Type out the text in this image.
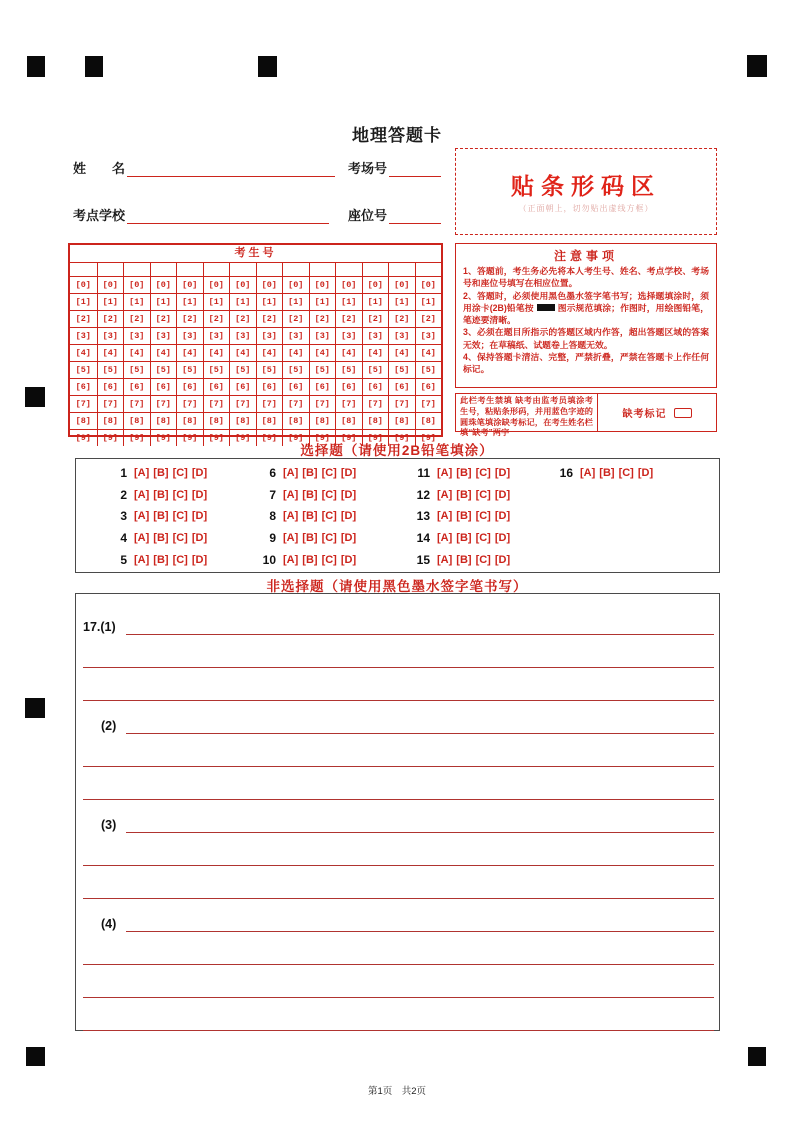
地理答题卡
姓　　名	考场号
考点学校	座位号
贴条形码区
（正面朝上，切勿贴出虚线方框）
考生号
[0]	[0]	[0]	[0]	[0]	[0]	[0]	[0]	[0]	[0]	[0]	[0]	[0]	[0]
[1]	[1]	[1]	[1]	[1]	[1]	[1]	[1]	[1]	[1]	[1]	[1]	[1]	[1]
[2]	[2]	[2]	[2]	[2]	[2]	[2]	[2]	[2]	[2]	[2]	[2]	[2]	[2]
[3]	[3]	[3]	[3]	[3]	[3]	[3]	[3]	[3]	[3]	[3]	[3]	[3]	[3]
[4]	[4]	[4]	[4]	[4]	[4]	[4]	[4]	[4]	[4]	[4]	[4]	[4]	[4]
[5]	[5]	[5]	[5]	[5]	[5]	[5]	[5]	[5]	[5]	[5]	[5]	[5]	[5]
[6]	[6]	[6]	[6]	[6]	[6]	[6]	[6]	[6]	[6]	[6]	[6]	[6]	[6]
[7]	[7]	[7]	[7]	[7]	[7]	[7]	[7]	[7]	[7]	[7]	[7]	[7]	[7]
[8]	[8]	[8]	[8]	[8]	[8]	[8]	[8]	[8]	[8]	[8]	[8]	[8]	[8]
[9]	[9]	[9]	[9]	[9]	[9]	[9]	[9]	[9]	[9]	[9]	[9]	[9]	[9]
注意事项
1、答题前，考生务必先将本人考生号、姓名、考点学校、考场号和座位号填写在相应位置。
2、答题时，必须使用黑色墨水签字笔书写；选择题填涂时，须用涂卡(2B)铅笔按	图示规范填涂；作图时，用绘图铅笔，笔迹要清晰。
3、必须在题目所指示的答题区域内作答，超出答题区域的答案无效；在草稿纸、试题卷上答题无效。
4、保持答题卡清洁、完整，严禁折叠，严禁在答题卡上作任何标记。
此栏考生禁填 缺考由监考员填涂考生号，粘贴条形码，并用蓝色字迹的圆珠笔填涂缺考标记，在考生姓名栏填“缺考”两字
缺考标记
选择题（请使用2B铅笔填涂）
1 [A] [B] [C] [D]
2 [A] [B] [C] [D]
3 [A] [B] [C] [D]
4 [A] [B] [C] [D]
5 [A] [B] [C] [D]
6 [A] [B] [C] [D]
7 [A] [B] [C] [D]
8 [A] [B] [C] [D]
9 [A] [B] [C] [D]
10 [A] [B] [C] [D]
11 [A] [B] [C] [D]
12 [A] [B] [C] [D]
13 [A] [B] [C] [D]
14 [A] [B] [C] [D]
15 [A] [B] [C] [D]
16 [A] [B] [C] [D]
非选择题（请使用黑色墨水签字笔书写）
17.(1)
(2)
(3)
(4)
第1页　共2页
